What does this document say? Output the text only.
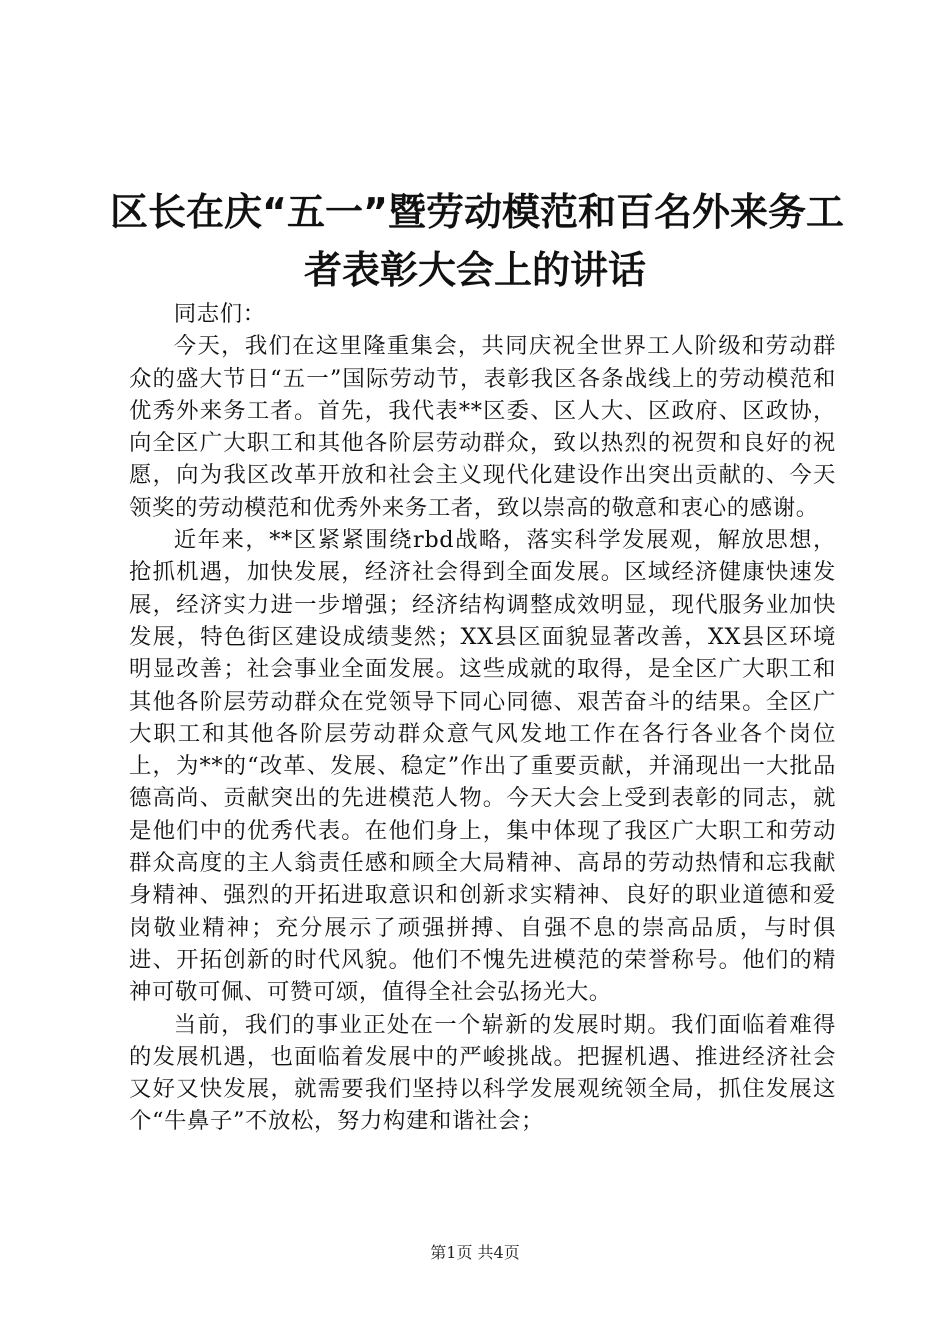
区长在庆“五一”暨劳动模范和百名外来务工
者表彰大会上的讲话

同志们：

今天，我们在这里隆重集会，共同庆祝全世界工人阶级和劳动群众的盛大节日“五一”国际劳动节，表彰我区各条战线上的劳动模范和优秀外来务工者。首先，我代表**区委、区人大、区政府、区政协，向全区广大职工和其他各阶层劳动群众，致以热烈的祝贺和良好的祝愿，向为我区改革开放和社会主义现代化建设作出突出贡献的、今天领奖的劳动模范和优秀外来务工者，致以崇高的敬意和衷心的感谢。

近年来，**区紧紧围绕rbd战略，落实科学发展观，解放思想，抢抓机遇，加快发展，经济社会得到全面发展。区域经济健康快速发展，经济实力进一步增强；经济结构调整成效明显，现代服务业加快发展，特色街区建设成绩斐然；XX县区面貌显著改善，XX县区环境明显改善；社会事业全面发展。这些成就的取得，是全区广大职工和其他各阶层劳动群众在党领导下同心同德、艰苦奋斗的结果。全区广大职工和其他各阶层劳动群众意气风发地工作在各行各业各个岗位上，为**的“改革、发展、稳定”作出了重要贡献，并涌现出一大批品德高尚、贡献突出的先进模范人物。今天大会上受到表彰的同志，就是他们中的优秀代表。在他们身上，集中体现了我区广大职工和劳动群众高度的主人翁责任感和顾全大局精神、高昂的劳动热情和忘我献身精神、强烈的开拓进取意识和创新求实精神、良好的职业道德和爱岗敬业精神；充分展示了顽强拼搏、自强不息的崇高品质，与时俱进、开拓创新的时代风貌。他们不愧先进模范的荣誉称号。他们的精神可敬可佩、可赞可颂，值得全社会弘扬光大。

当前，我们的事业正处在一个崭新的发展时期。我们面临着难得的发展机遇，也面临着发展中的严峻挑战。把握机遇、推进经济社会又好又快发展，就需要我们坚持以科学发展观统领全局，抓住发展这个“牛鼻子”不放松，努力构建和谐社会；

第1页 共4页
